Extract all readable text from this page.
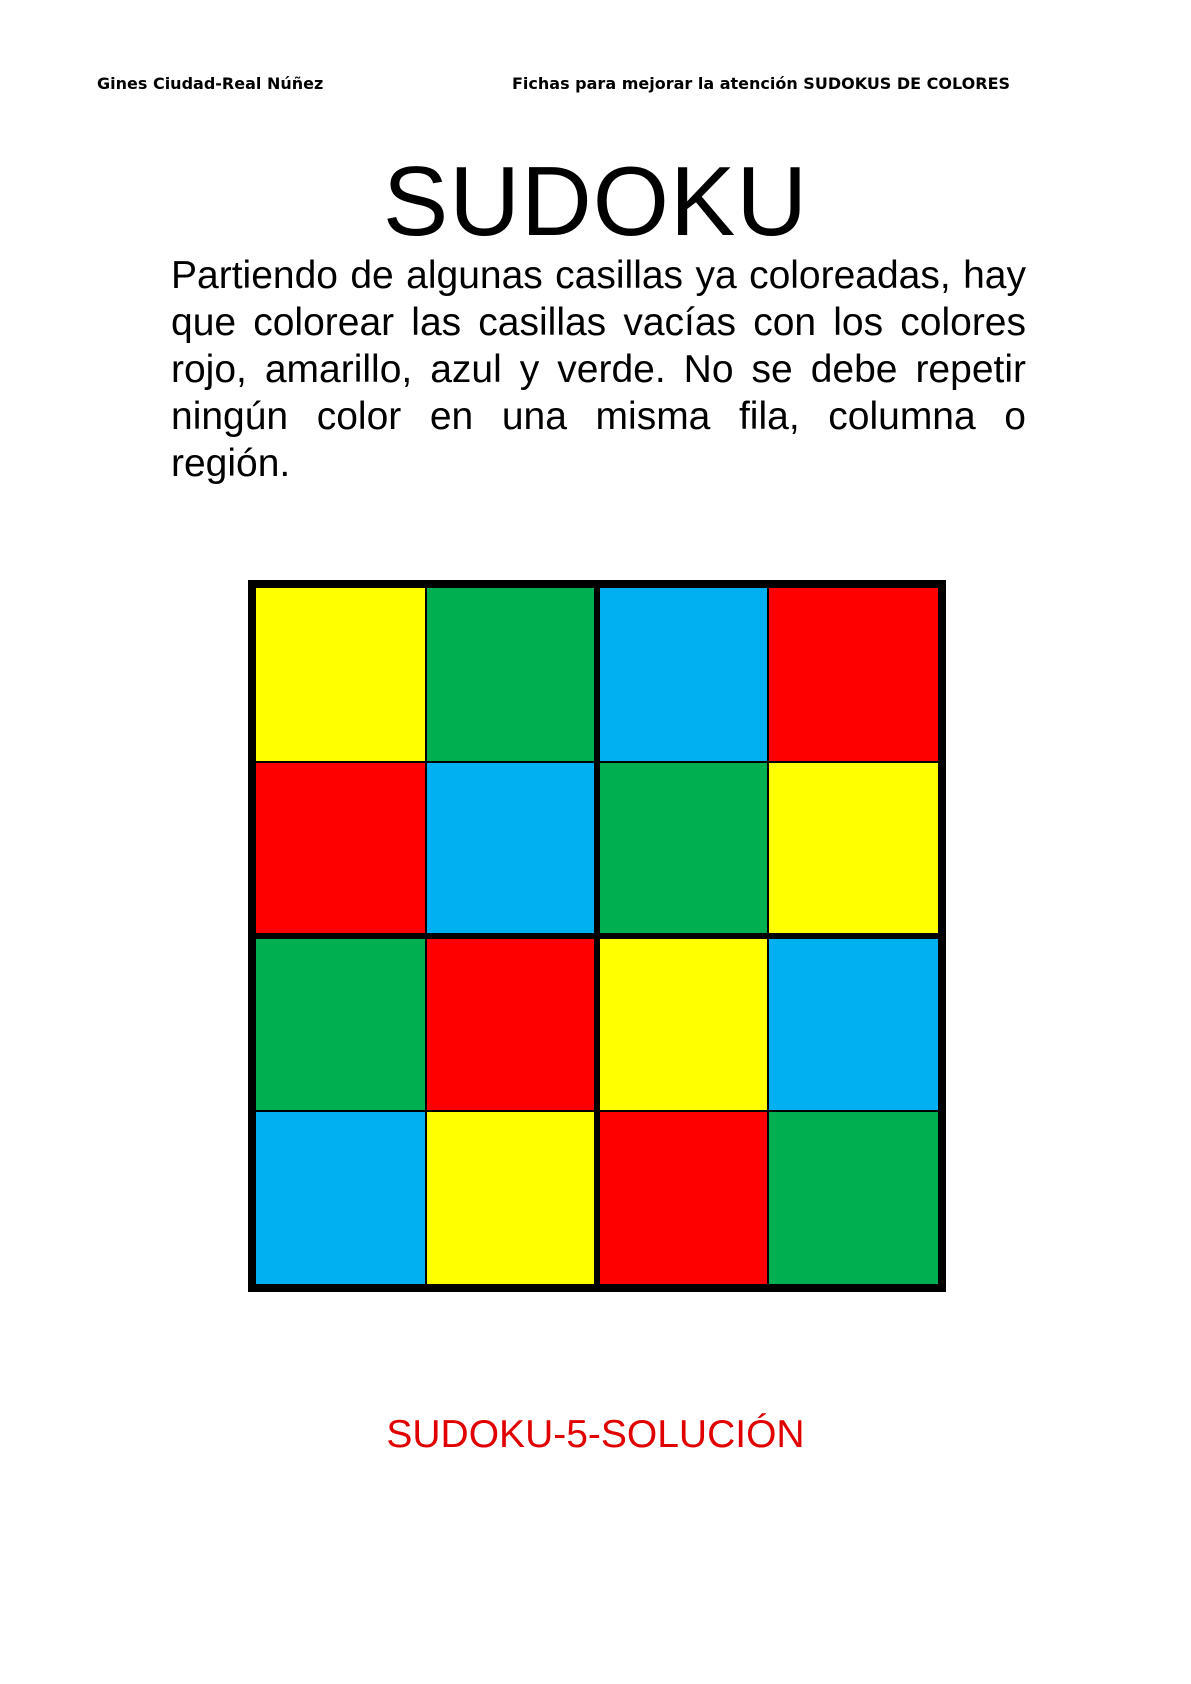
Gines Ciudad-Real Núñez	Fichas para mejorar la atención SUDOKUS DE COLORES
SUDOKU
Partiendo de algunas casillas ya coloreadas, hay que colorear las casillas vacías con los colores rojo, amarillo, azul y verde. No se debe repetir ningún color en una misma fila, columna o región.
SUDOKU-5-SOLUCIÓN
